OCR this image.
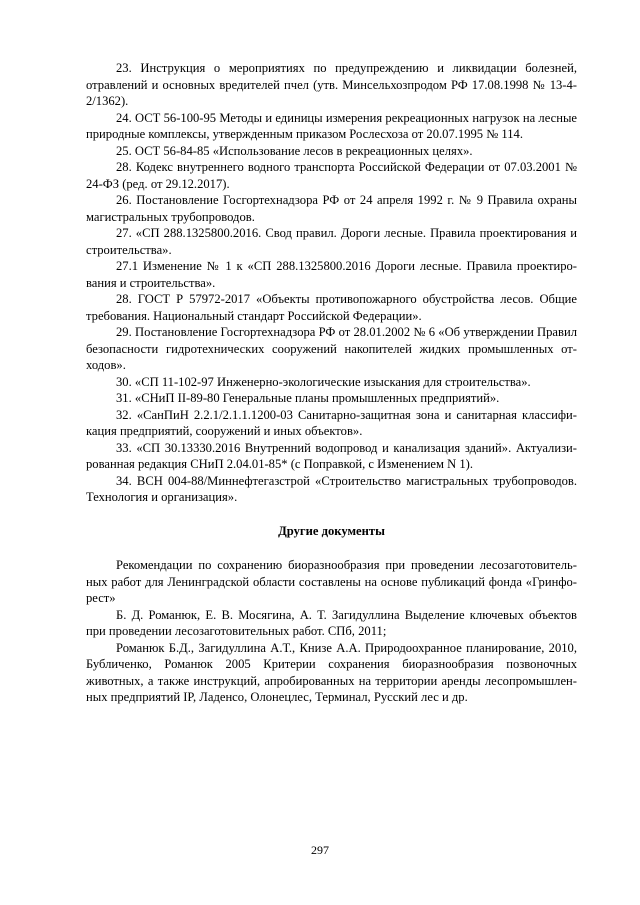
23. Инструкция о мероприятиях по предупреждению и ликвидации болезней, отравлений и основных вредителей пчел (утв. Минсельхозпродом РФ 17.08.1998 № 13-4-2/1362).

24. ОСТ 56-100-95 Методы и единицы измерения рекреационных нагрузок на лесные природные комплексы, утвержденным приказом Рослесхоза от 20.07.1995 № 114.

25. ОСТ 56-84-85 «Использование лесов в рекреационных целях».

28. Кодекс внутреннего водного транспорта Российской Федерации от 07.03.2001 № 24-ФЗ (ред. от 29.12.2017).

26. Постановление Госгортехнадзора РФ от 24 апреля 1992 г. № 9 Правила охраны магистральных трубопроводов.

27. «СП 288.1325800.2016. Свод правил. Дороги лесные. Правила проектирования и строительства».

27.1 Изменение № 1 к «СП 288.1325800.2016 Дороги лесные. Правила проектирования и строительства».

28. ГОСТ Р 57972-2017 «Объекты противопожарного обустройства лесов. Общие требования. Национальный стандарт Российской Федерации».

29. Постановление Госгортехнадзора РФ от 28.01.2002 № 6 «Об утверждении Правил безопасности гидротехнических сооружений накопителей жидких промышленных отходов».

30. «СП 11-102-97 Инженерно-экологические изыскания для строительства».

31. «СНиП II-89-80 Генеральные планы промышленных предприятий».

32. «СанПиН 2.2.1/2.1.1.1200-03 Санитарно-защитная зона и санитарная классификация предприятий, сооружений и иных объектов».

33. «СП 30.13330.2016 Внутренний водопровод и канализация зданий». Актуализированная редакция СНиП 2.04.01-85* (с Поправкой, с Изменением N 1).

34. ВСН 004-88/Миннефтегазстрой «Строительство магистральных трубопроводов. Технология и организация».

Другие документы

Рекомендации по сохранению биоразнообразия при проведении лесозаготовительных работ для Ленинградской области составлены на основе публикаций фонда «Гринфорест»

Б. Д. Романюк, Е. В. Мосягина, А. Т. Загидуллина Выделение ключевых объектов при проведении лесозаготовительных работ. СПб, 2011;

Романюк Б.Д., Загидуллина А.Т., Книзе А.А. Природоохранное планирование, 2010, Бубличенко, Романюк 2005 Критерии сохранения биоразнообразия позвоночных животных, а также инструкций, апробированных на территории аренды лесопромышленных предприятий IP, Ладенсо, Олонецлес, Терминал, Русский лес и др.

297
